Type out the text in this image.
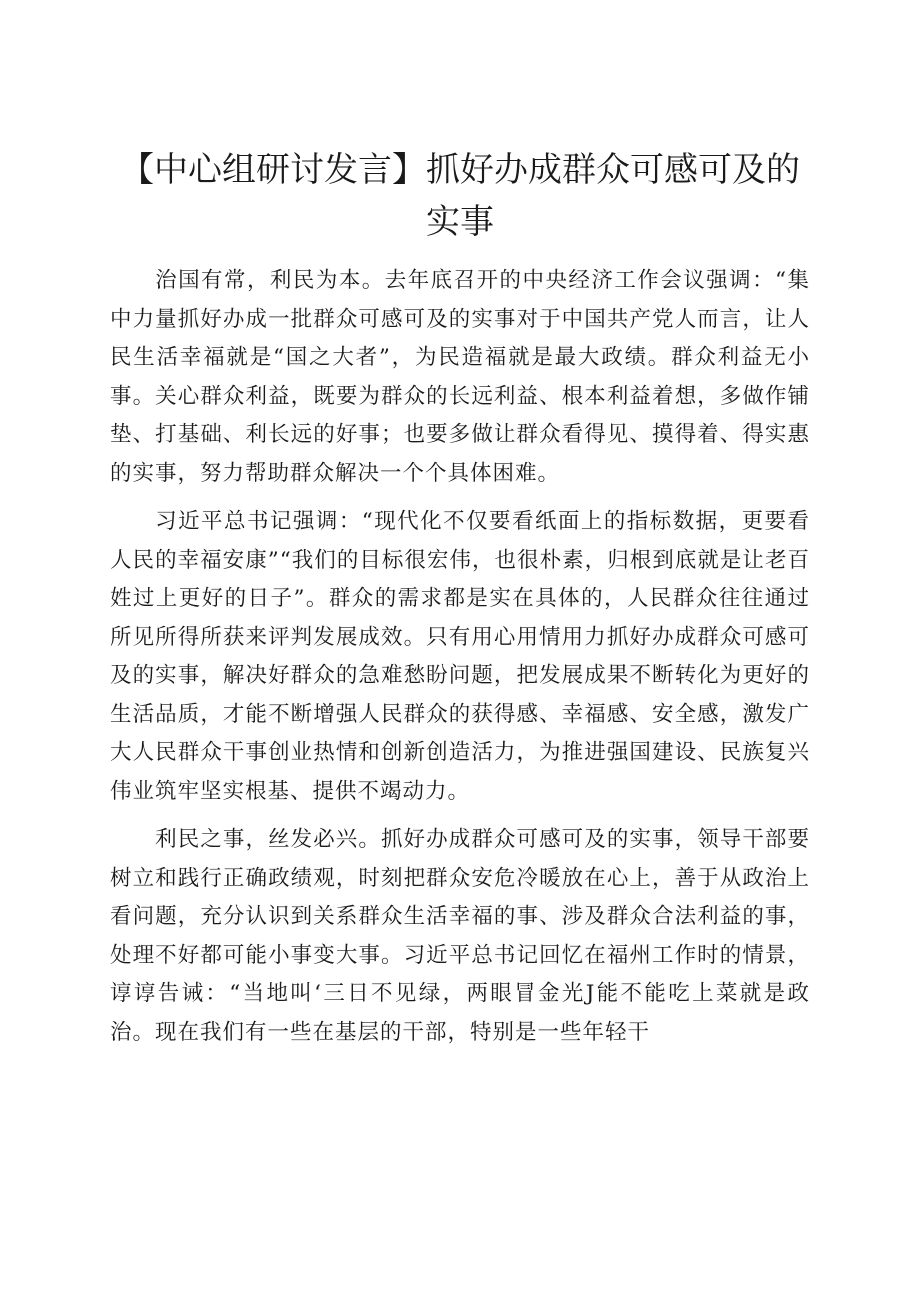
【中心组研讨发言】抓好办成群众可感可及的
实事

治国有常，利民为本。去年底召开的中央经济工作会议强调：“集中力量抓好办成一批群众可感可及的实事对于中国共产党人而言，让人民生活幸福就是“国之大者”，为民造福就是最大政绩。群众利益无小事。关心群众利益，既要为群众的长远利益、根本利益着想，多做作铺垫、打基础、利长远的好事；也要多做让群众看得见、摸得着、得实惠的实事，努力帮助群众解决一个个具体困难。

习近平总书记强调：“现代化不仅要看纸面上的指标数据，更要看人民的幸福安康”“我们的目标很宏伟，也很朴素，归根到底就是让老百姓过上更好的日子”。群众的需求都是实在具体的，人民群众往往通过所见所得所获来评判发展成效。只有用心用情用力抓好办成群众可感可及的实事，解决好群众的急难愁盼问题，把发展成果不断转化为更好的生活品质，才能不断增强人民群众的获得感、幸福感、安全感，激发广大人民群众干事创业热情和创新创造活力，为推进强国建设、民族复兴伟业筑牢坚实根基、提供不竭动力。

利民之事，丝发必兴。抓好办成群众可感可及的实事，领导干部要树立和践行正确政绩观，时刻把群众安危冷暖放在心上，善于从政治上看问题，充分认识到关系群众生活幸福的事、涉及群众合法利益的事，处理不好都可能小事变大事。习近平总书记回忆在福州工作时的情景，谆谆告诫：“当地叫‘三日不见绿，两眼冒金光J能不能吃上菜就是政治。现在我们有一些在基层的干部，特别是一些年轻干
